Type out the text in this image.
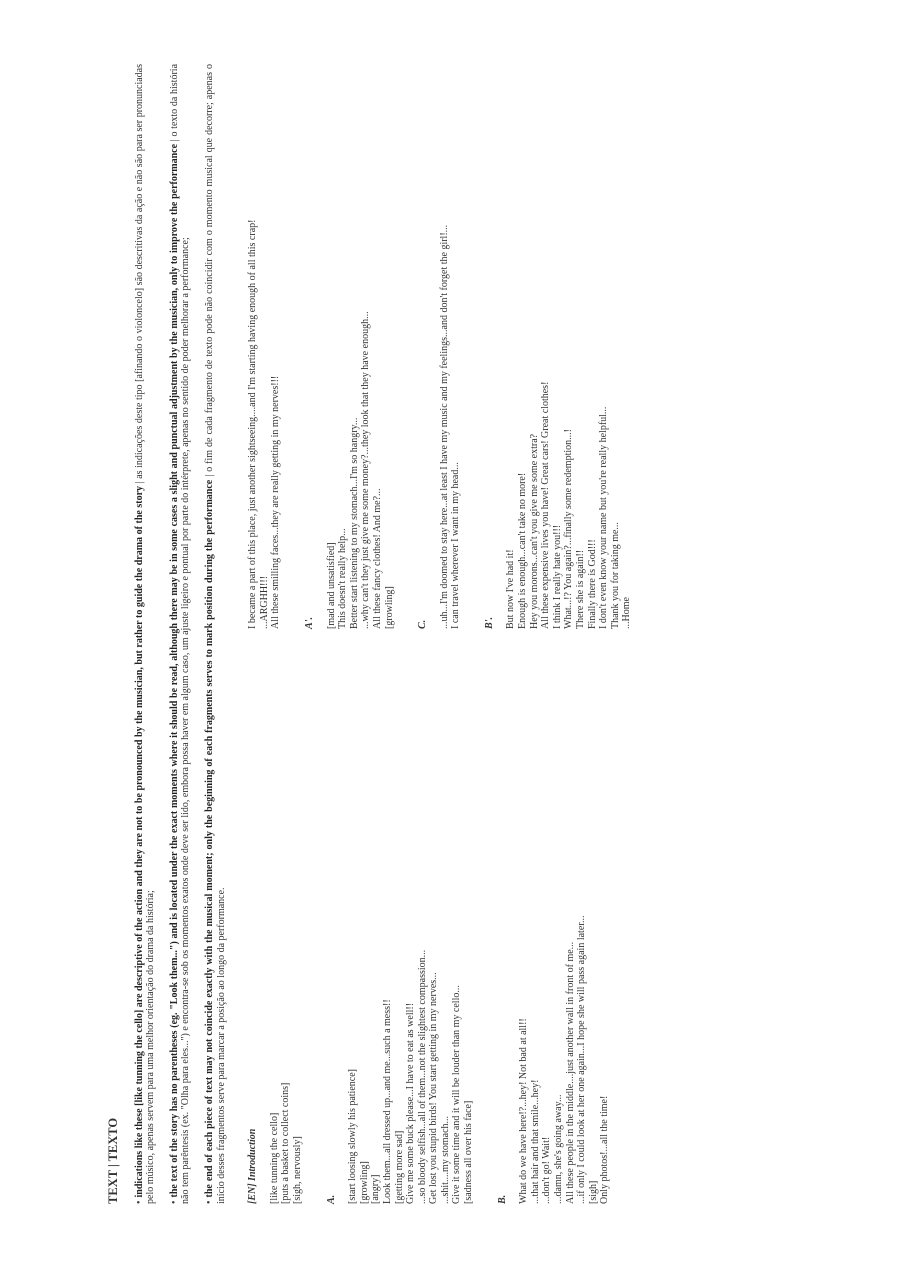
TEXT | TEXTO •indications like these [like tunning the cello] are descriptive of the action and they are not to be pronounced by the musician, but rather to guide the drama of the story | as indicações deste tipo [afinando o violoncelo] são descritivas da ação e não são para ser pronunciadas pelo músico, apenas servem para uma melhor orientação do drama da história; •the text of the story has no parentheses (eg. "Look them...") and is located under the exact moments where it should be read, although there may be in some cases a slight and punctual adjustment by the musician, only to improve the performance | o texto da história não tem parêntesis (ex. "Olha para eles...") e encontra-se sob os momentos exatos onde deve ser lido, embora possa haver em algum caso, um ajuste ligeiro e pontual por parte do intérprete, apenas no sentido de poder melhorar a performance; •the end of each piece of text may not coincide exactly with the musical moment; only the beginning of each fragments serves to mark position during the performance | o fim de cada fragmento de texto pode não coincidir com o momento musical que decorre; apenas o início desses fragmentos serve para marcar a posição ao longo da performance. [EN] Introduction [like tunning the cello] [puts a basket to collect coins] [sigh, nervously] A. [start loosing slowly his patience] [growling] [angry] Look them...all dressed up...and me...such a mess!! [getting more sad] Give me some buck please...I have to eat as well!! ...so bloody selfish...all of them...not the slightest compassion... Get lost you stupid birds! You start getting in my nerves... ...shit....my stomach... Give it some time and it will be louder than my cello... [sadness all over his face] B. What do we have here!?...hey! Not bad at all!! ...that hair and that smile...hey! ...don't go! Wait! ...damn, she's going away... All these people in the middle....just another wall in front of me... ...if only I could look at her one again...I hope she will pass again later... [sigh] Only photos!...all the time!
I became a part of this place, just another sightseeing....and I'm starting having enough of all this crap! ...ARGHH!!! All these smilling faces...they are really getting in my nerves!!! A'. [mad and unsatisfied] This doesn't really help... Better start listening to my stomach...I'm so hangry... ...why can't they just give me some money?...they look that they have enough... All these fancy clothes! And me?... [growling] C. ...uh...I'm doomed to stay here...at least I have my music and my feelings...and don't forget the girl!... I can travel wherever I want in my head... B'. But now I've had it! Enough is enough...can't take no more! Hey you morons...can't you give me some extra? All these expensive lives you have! Great cars! Great clothes! I think I really hate you!!! What...!? You again?...finally some redemption...! There she is again!! Finally there is God!!! I don't even know your name but you're really helpful... Thank you for taking me... ...Home
